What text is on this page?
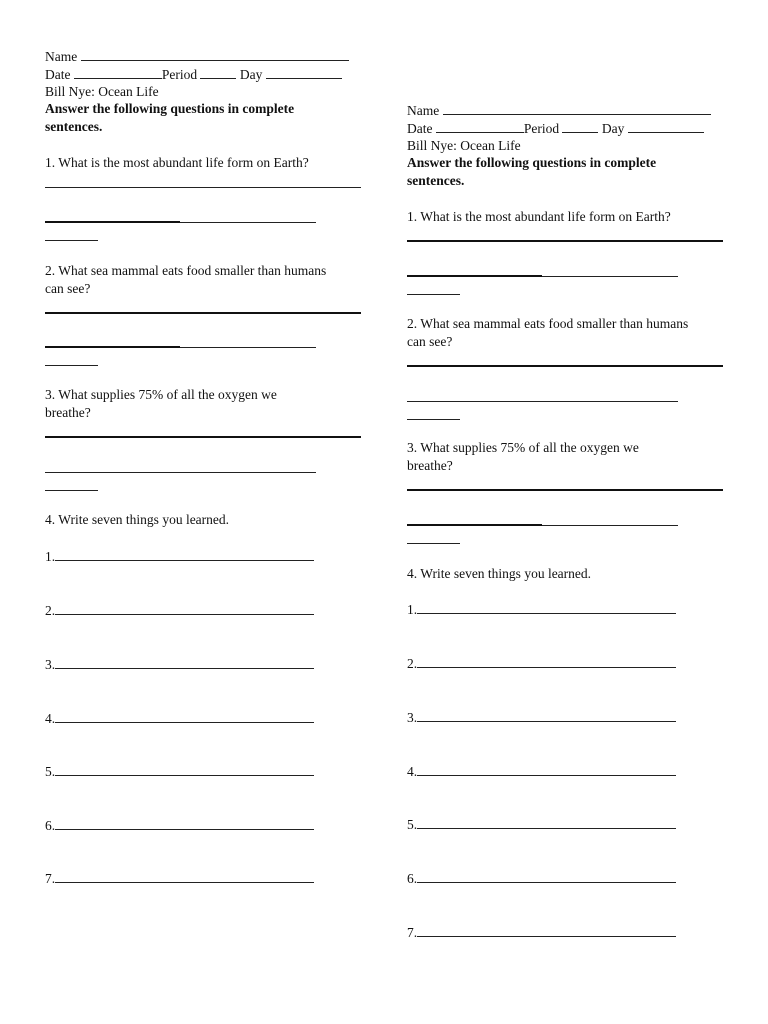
Name
Date	Period	Day
Bill Nye: Ocean Life
Answer the following questions in complete sentences.
1. What is the most abundant life form on Earth?
2. What sea mammal eats food smaller than humans can see?
3. What supplies 75% of all the oxygen we breathe?
4. Write seven things you learned.
1.
2.
3.
4.
5.
6.
7.
Name
Date	Period	Day
Bill Nye: Ocean Life
Answer the following questions in complete sentences.
1. What is the most abundant life form on Earth?
2. What sea mammal eats food smaller than humans can see?
3. What supplies 75% of all the oxygen we breathe?
4. Write seven things you learned.
1.
2.
3.
4.
5.
6.
7.
